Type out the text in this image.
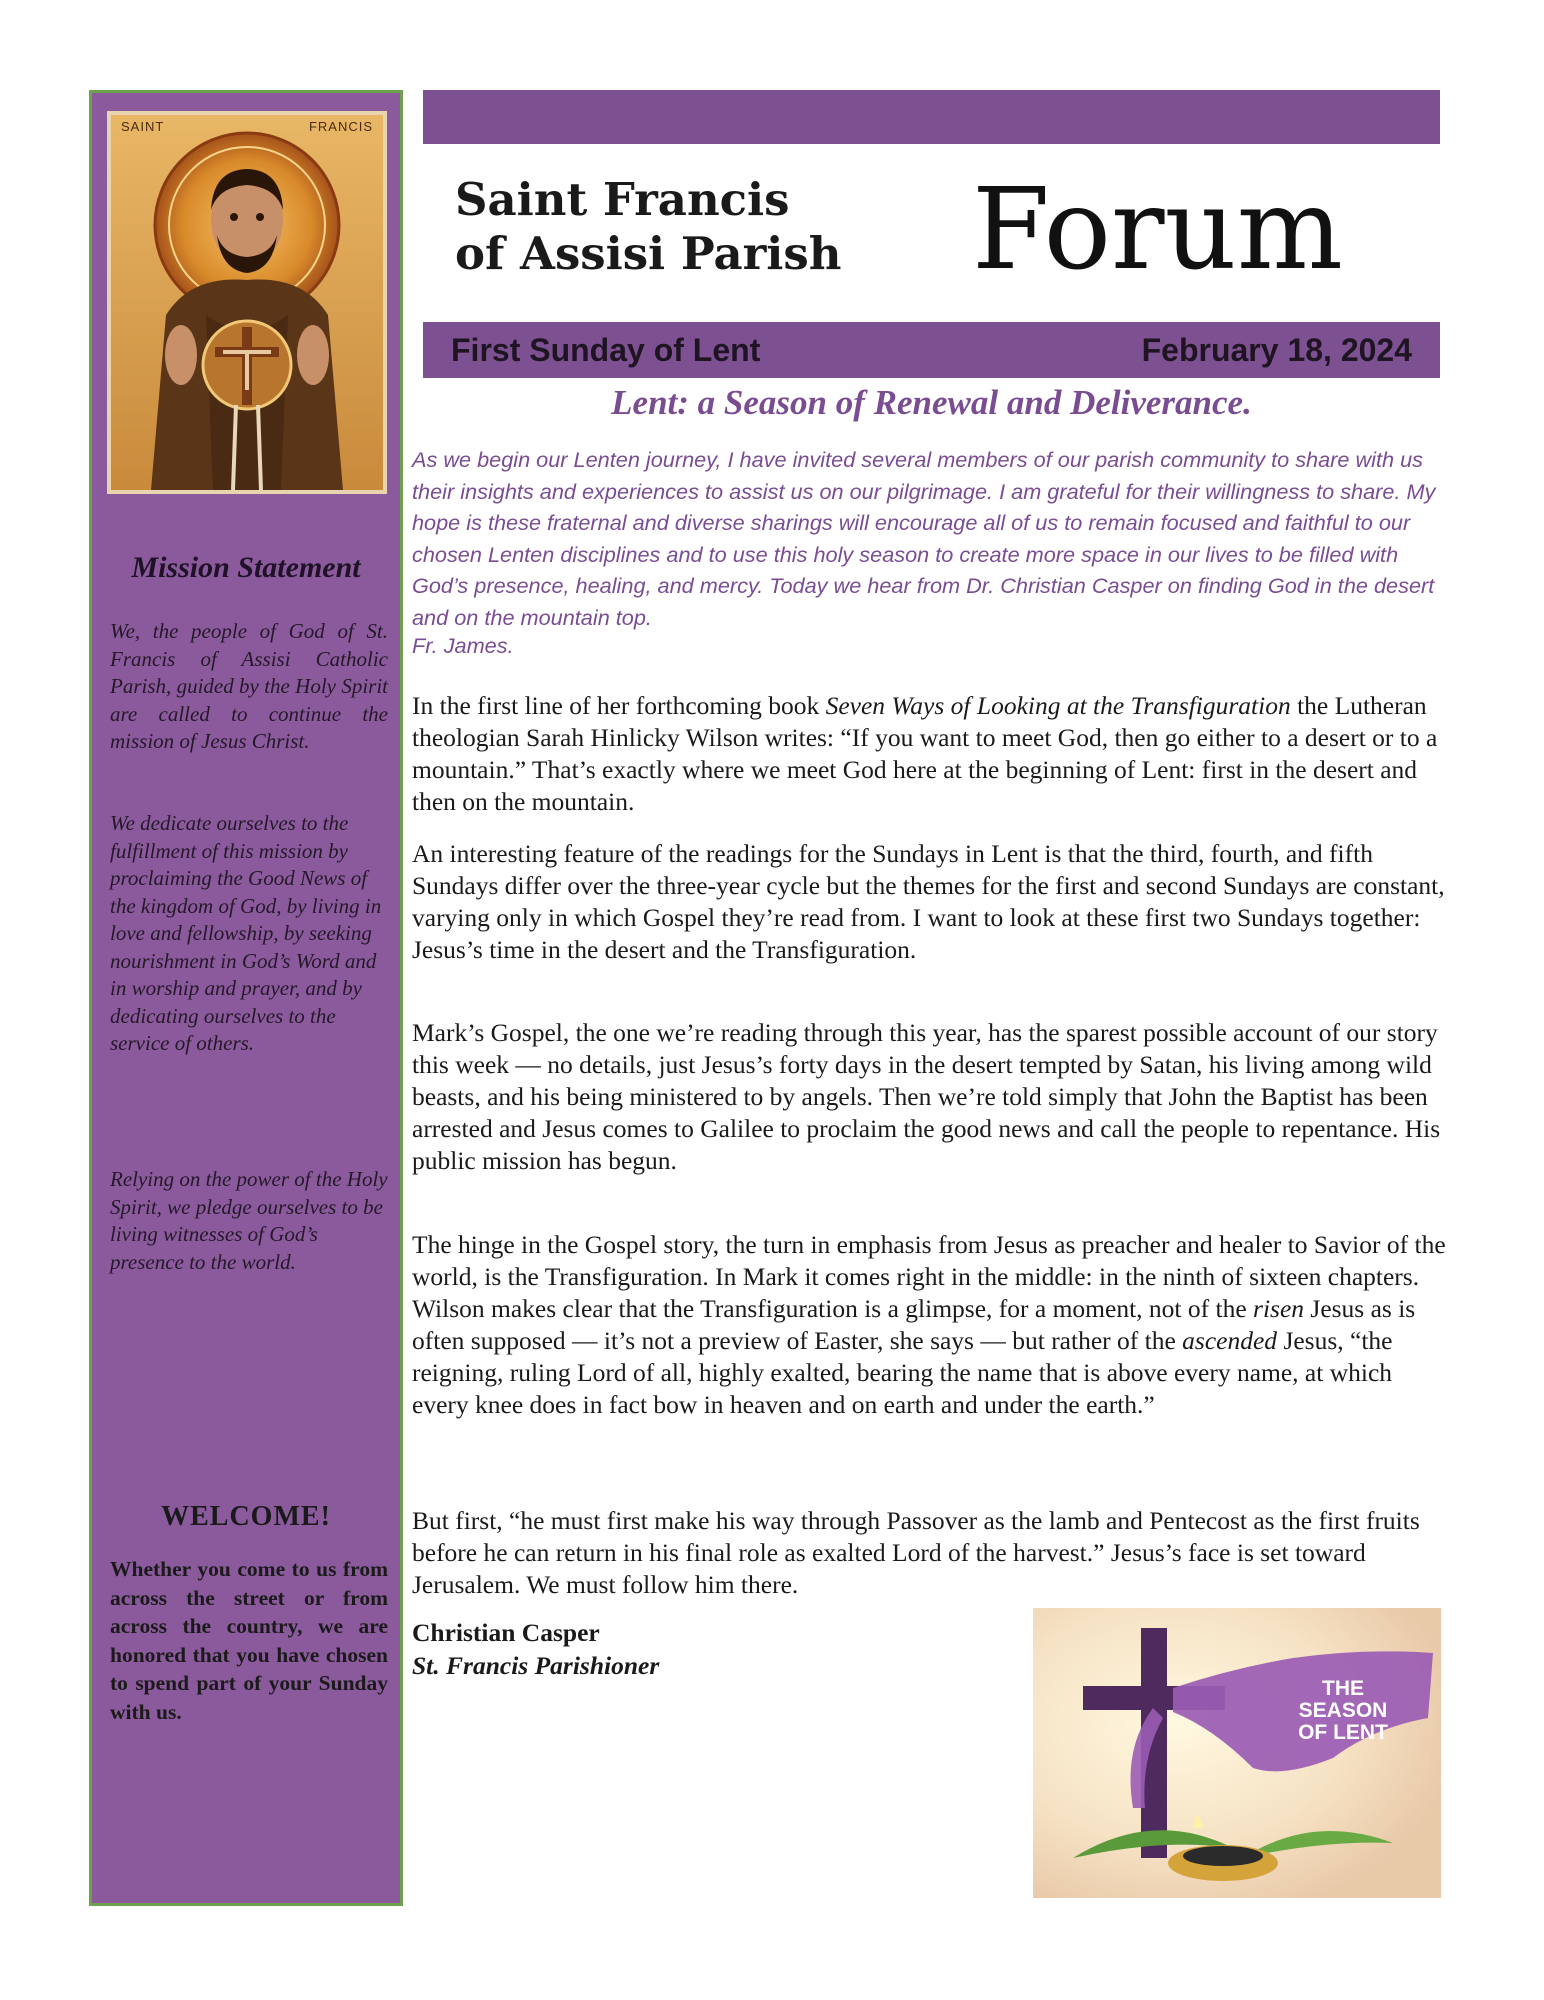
SAINT	FRANCIS
Mission Statement

We, the people of God of St. Francis of Assisi Catholic Parish, guided by the Holy Spirit are called to continue the mission of Jesus Christ.

We dedicate ourselves to the fulfillment of this mission by proclaiming the Good News of the kingdom of God, by living in love and fellowship, by seeking nourishment in God’s Word and in worship and prayer, and by dedicating ourselves to the service of others.

Relying on the power of the Holy Spirit, we pledge ourselves to be living witnesses of God’s presence to the world.

WELCOME!

Whether you come to us from across the street or from across the country, we are honored that you have chosen to spend part of your Sunday with us.

Saint Francis
of Assisi Parish	Forum
First Sunday of Lent	February 18, 2024
Lent: a Season of Renewal and Deliverance.

As we begin our Lenten journey, I have invited several members of our parish community to share with us their insights and experiences to assist us on our pilgrimage. I am grateful for their willingness to share. My hope is these fraternal and diverse sharings will encourage all of us to remain focused and faithful to our chosen Lenten disciplines and to use this holy season to create more space in our lives to be filled with God’s presence, healing, and mercy. Today we hear from Dr. Christian Casper on finding God in the desert and on the mountain top.

Fr. James.

In the first line of her forthcoming book Seven Ways of Looking at the Transfiguration the Lutheran theologian Sarah Hinlicky Wilson writes: “If you want to meet God, then go either to a desert or to a mountain.” That’s exactly where we meet God here at the beginning of Lent: first in the desert and then on the mountain.

An interesting feature of the readings for the Sundays in Lent is that the third, fourth, and fifth Sundays differ over the three-year cycle but the themes for the first and second Sundays are constant, varying only in which Gospel they’re read from. I want to look at these first two Sundays together: Jesus’s time in the desert and the Transfiguration.

Mark’s Gospel, the one we’re reading through this year, has the sparest possible account of our story this week — no details, just Jesus’s forty days in the desert tempted by Satan, his living among wild beasts, and his being ministered to by angels. Then we’re told simply that John the Baptist has been arrested and Jesus comes to Galilee to proclaim the good news and call the people to repentance. His public mission has begun.

The hinge in the Gospel story, the turn in emphasis from Jesus as preacher and healer to Savior of the world, is the Transfiguration. In Mark it comes right in the middle: in the ninth of sixteen chapters. Wilson makes clear that the Transfiguration is a glimpse, for a moment, not of the risen Jesus as is often supposed — it’s not a preview of Easter, she says — but rather of the ascended Jesus, “the reigning, ruling Lord of all, highly exalted, bearing the name that is above every name, at which every knee does in fact bow in heaven and on earth and under the earth.”

But first, “he must first make his way through Passover as the lamb and Pentecost as the first fruits before he can return in his final role as exalted Lord of the harvest.” Jesus’s face is set toward Jerusalem. We must follow him there.

Christian Casper

St. Francis Parishioner

THE SEASON OF LENT
